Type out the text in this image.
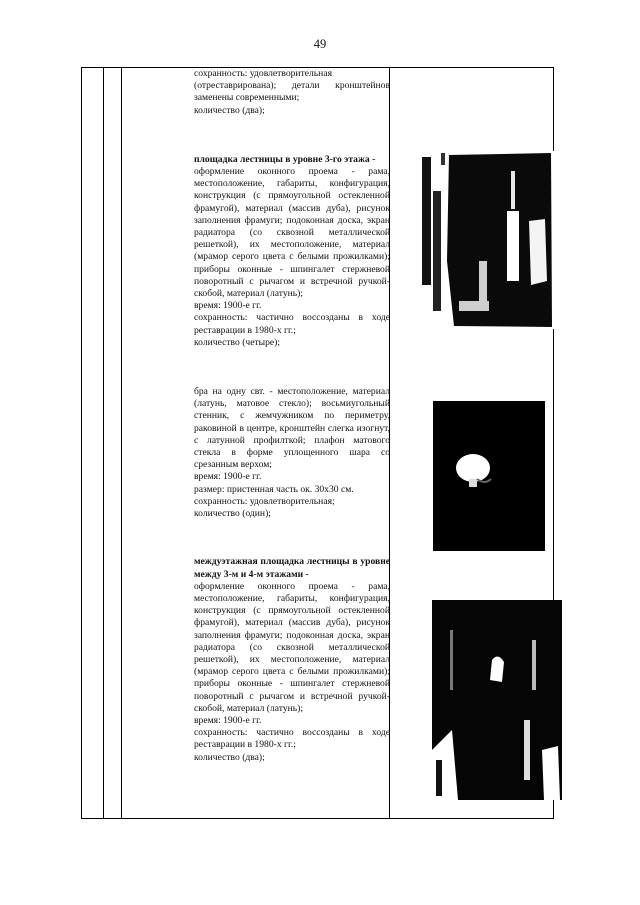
49

сохранность: удовлетворительная

(отреставрирована); детали кронштейнов заменены современными;

количество (два);

площадка лестницы в уровне 3-го этажа -

оформление оконного проема - рама, местоположение, габариты, конфигурация, конструкция (с прямоугольной остекленной фрамугой), материал (массив дуба), рисунок заполнения фрамуги; подоконная доска, экран радиатора (со сквозной металлической решеткой), их местоположение, материал (мрамор серого цвета с белыми прожилками); приборы оконные - шпингалет стержневой поворотный с рычагом и встречной ручкой-скобой, материал (латунь);

время: 1900-е гг.

сохранность: частично воссозданы в ходе реставрации в 1980-х гг.;

количество (четыре);

бра на одну свт. - местоположение, материал (латунь, матовое стекло); восьмиугольный стенник, с жемчужником по периметру, раковиной в центре, кронштейн слегка изогнут, с латунной профилткой; плафон матового стекла в форме уплощенного шара со срезанным верхом;

время: 1900-е гг.

размер: пристенная часть ок. 30х30 см.

сохранность: удовлетворительная;

количество (один);

междуэтажная площадка лестницы в уровне между 3-м и 4-м этажами -

оформление оконного проема - рама, местоположение, габариты, конфигурация, конструкция (с прямоугольной остекленной фрамугой), материал (массив дуба), рисунок заполнения фрамуги; подоконная доска, экран радиатора (со сквозной металлической решеткой), их местоположение, материал (мрамор серого цвета с белыми прожилками); приборы оконные - шпингалет стержневой поворотный с рычагом и встречной ручкой-скобой, материал (латунь);

время: 1900-е гг.

сохранность: частично воссозданы в ходе реставрации в 1980-х гг.;

количество (два);
